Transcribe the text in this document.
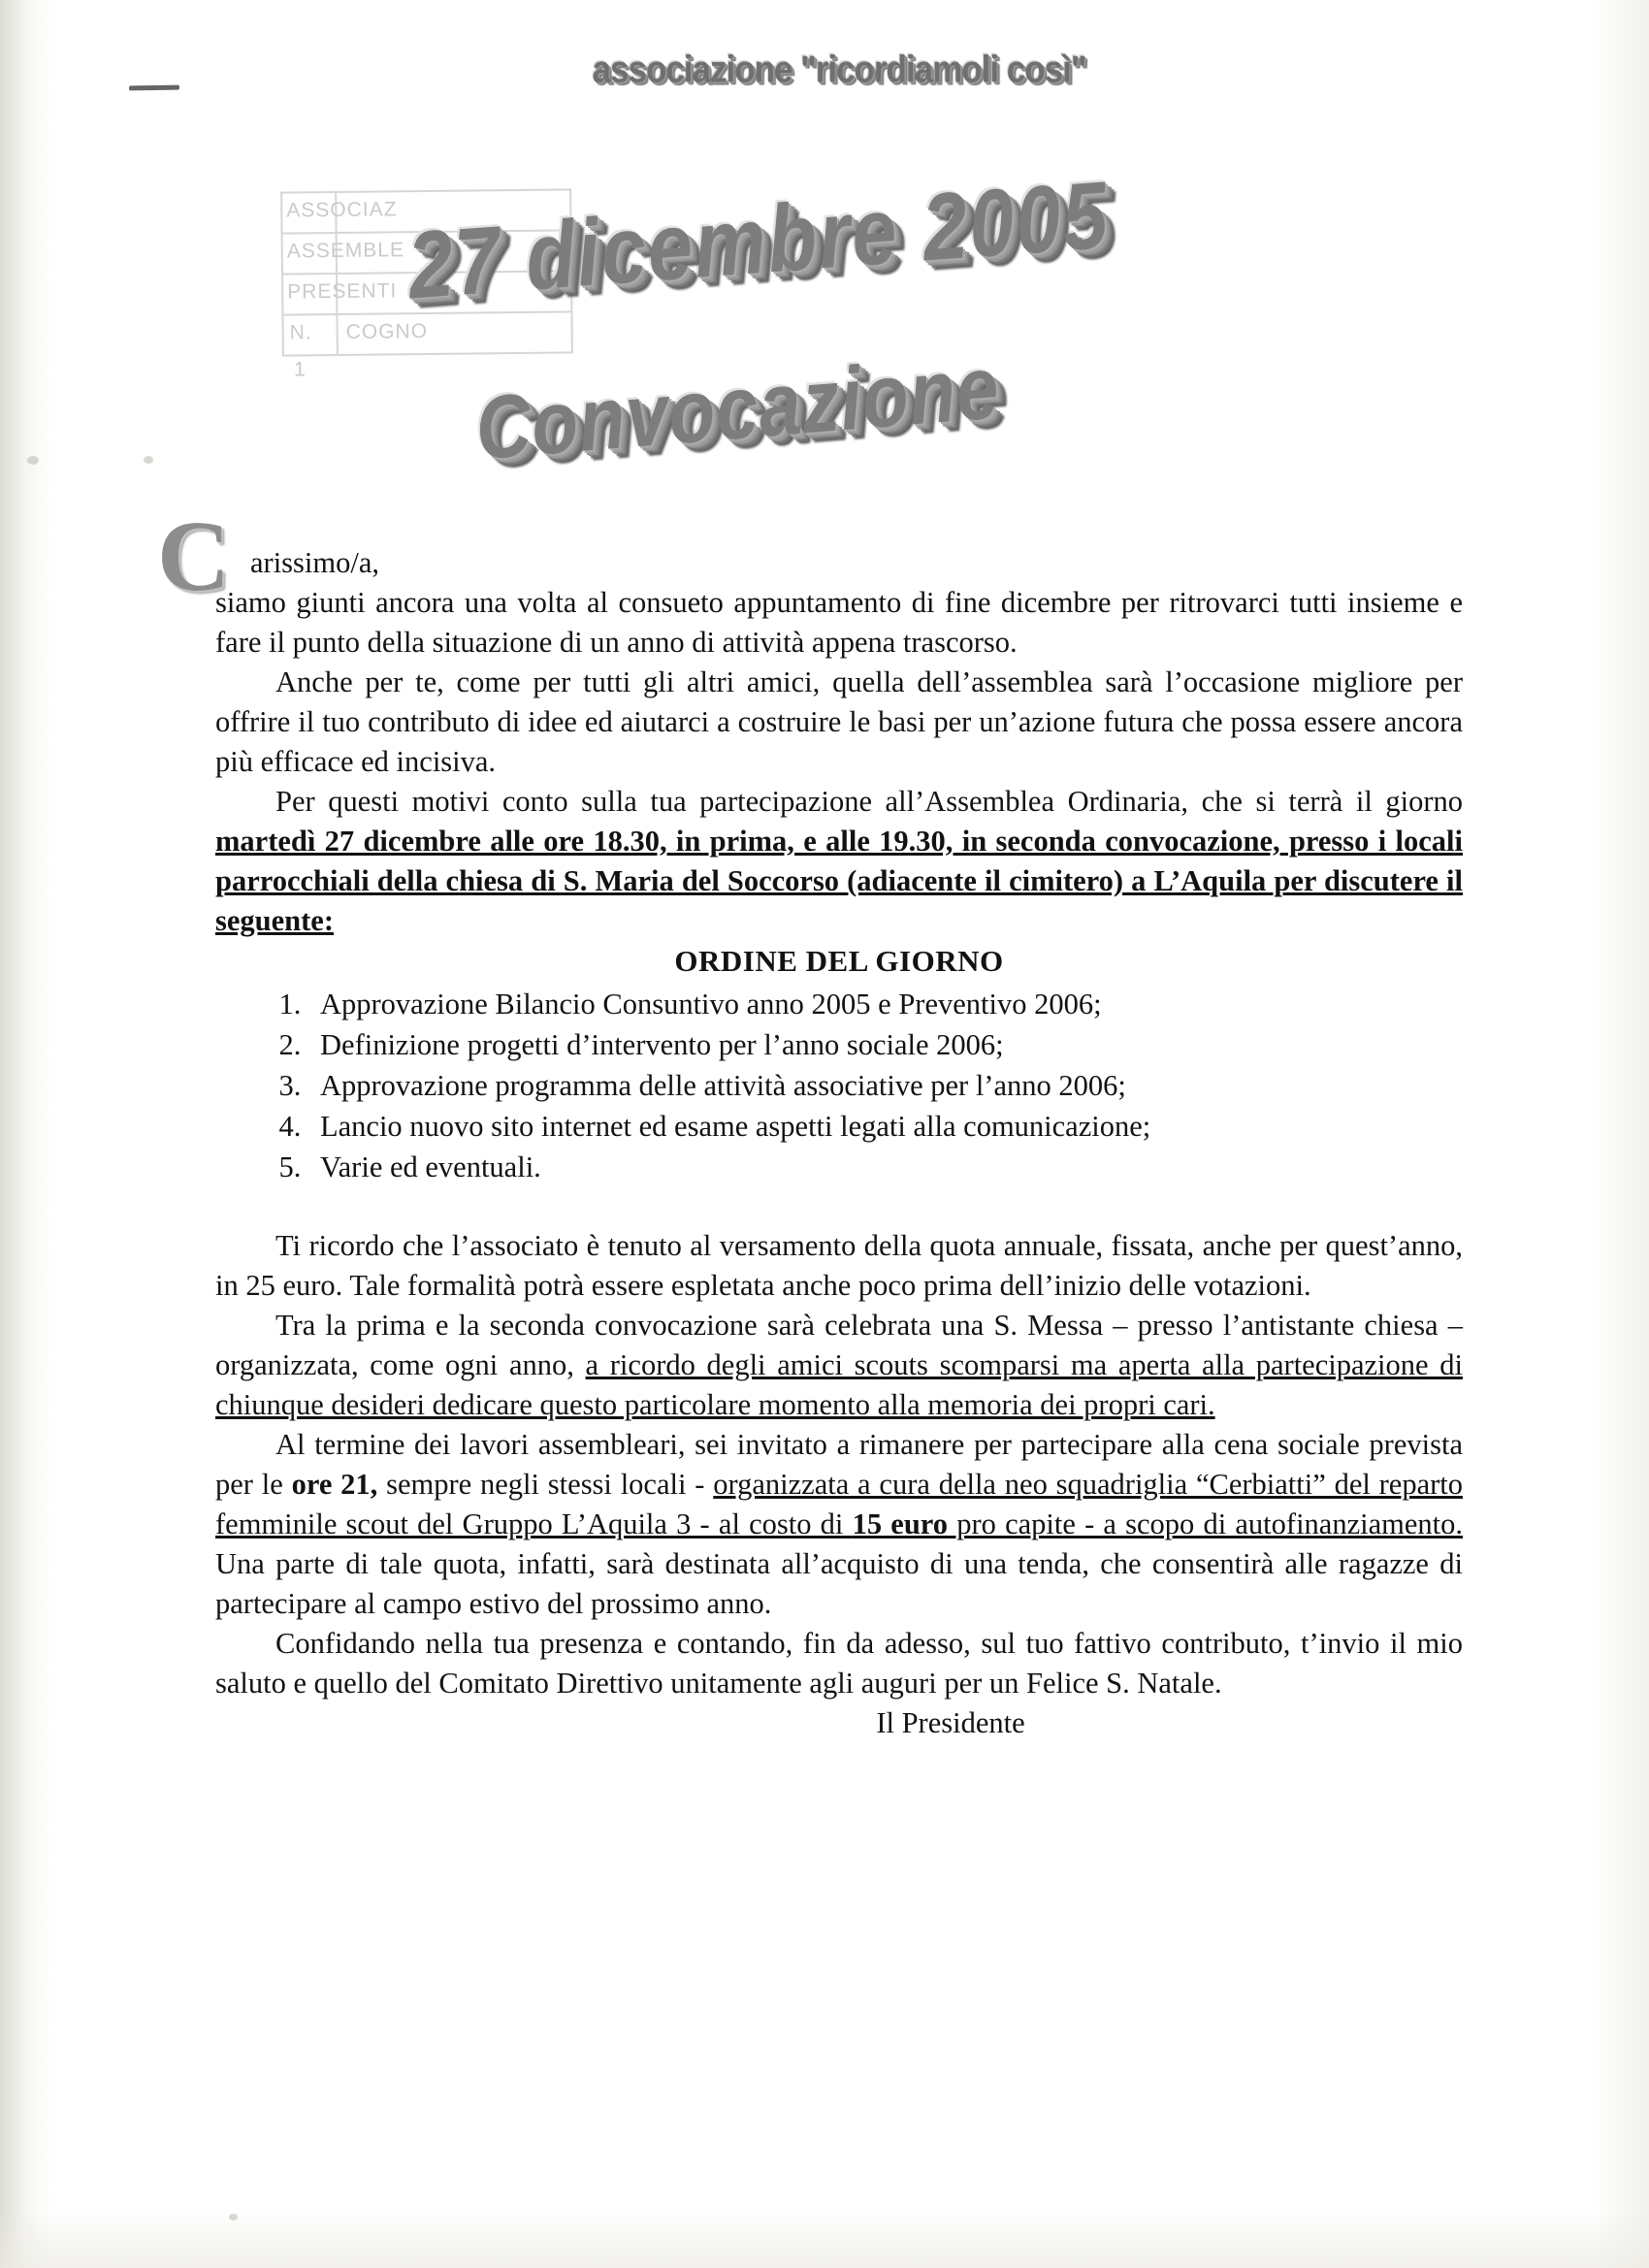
ASSOCIAZ
ASSEMBLE
PRESENTI
N. COGNO
1
associazione "ricordiamoli così"
27 dicembre 2005
Convocazione
C arissimo/a,

siamo giunti ancora una volta al consueto appuntamento di fine dicembre per ritrovarci tutti insieme e fare il punto della situazione di un anno di attività appena trascorso.

Anche per te, come per tutti gli altri amici, quella dell’assemblea sarà l’occasione migliore per offrire il tuo contributo di idee ed aiutarci a costruire le basi per un’azione futura che possa essere ancora più efficace ed incisiva.

Per questi motivi conto sulla tua partecipazione all’Assemblea Ordinaria, che si terrà il giorno martedì 27 dicembre alle ore 18.30, in prima, e alle 19.30, in seconda convocazione, presso i locali parrocchiali della chiesa di S. Maria del Soccorso (adiacente il cimitero) a L’Aquila per discutere il seguente:

ORDINE DEL GIORNO

1. Approvazione Bilancio Consuntivo anno 2005 e Preventivo 2006;
2. Definizione progetti d’intervento per l’anno sociale 2006;
3. Approvazione programma delle attività associative per l’anno 2006;
4. Lancio nuovo sito internet ed esame aspetti legati alla comunicazione;
5. Varie ed eventuali.

Ti ricordo che l’associato è tenuto al versamento della quota annuale, fissata, anche per quest’anno, in 25 euro. Tale formalità potrà essere espletata anche poco prima dell’inizio delle votazioni.

Tra la prima e la seconda convocazione sarà celebrata una S. Messa – presso l’antistante chiesa – organizzata, come ogni anno, a ricordo degli amici scouts scomparsi ma aperta alla partecipazione di chiunque desideri dedicare questo particolare momento alla memoria dei propri cari.

Al termine dei lavori assembleari, sei invitato a rimanere per partecipare alla cena sociale prevista per le ore 21, sempre negli stessi locali - organizzata a cura della neo squadriglia “Cerbiatti” del reparto femminile scout del Gruppo L’Aquila 3 - al costo di 15 euro pro capite - a scopo di autofinanziamento. Una parte di tale quota, infatti, sarà destinata all’acquisto di una tenda, che consentirà alle ragazze di partecipare al campo estivo del prossimo anno.

Confidando nella tua presenza e contando, fin da adesso, sul tuo fattivo contributo, t’invio il mio saluto e quello del Comitato Direttivo unitamente agli auguri per un Felice S. Natale.

Il Presidente
